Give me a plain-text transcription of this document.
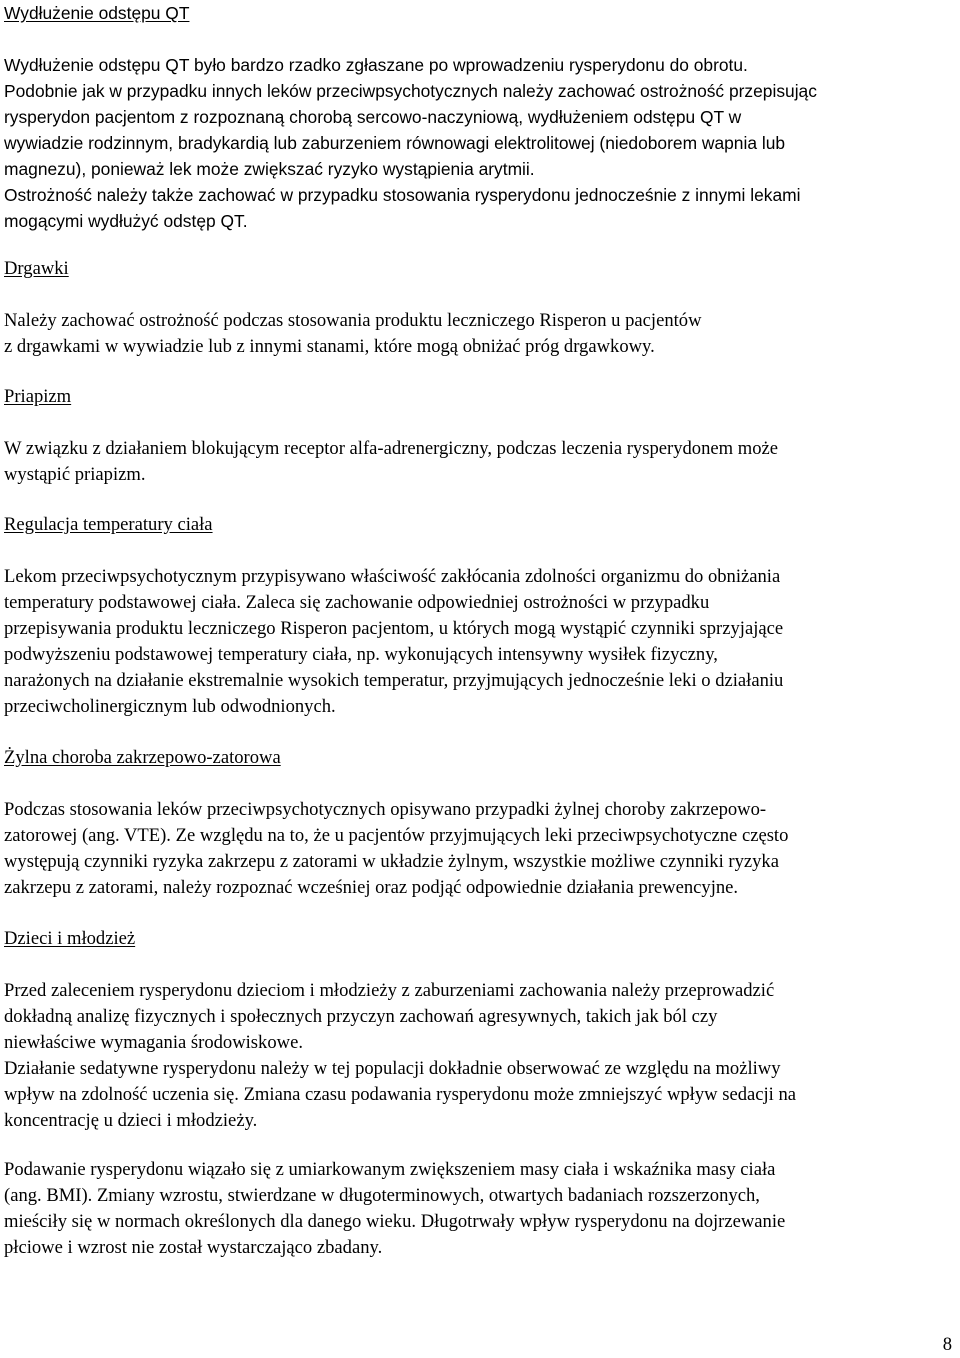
Wydłużenie odstępu QT

Wydłużenie odstępu QT było bardzo rzadko zgłaszane po wprowadzeniu rysperydonu do obrotu.
Podobnie jak w przypadku innych leków przeciwpsychotycznych należy zachować ostrożność przepisując
rysperydon pacjentom z rozpoznaną chorobą sercowo-naczyniową, wydłużeniem odstępu QT w
wywiadzie rodzinnym, bradykardią lub zaburzeniem równowagi elektrolitowej (niedoborem wapnia lub
magnezu), ponieważ lek może zwiększać ryzyko wystąpienia arytmii.
Ostrożność należy także zachować w przypadku stosowania rysperydonu jednocześnie z innymi lekami
mogącymi wydłużyć odstęp QT.

Drgawki

Należy zachować ostrożność podczas stosowania produktu leczniczego Risperon u pacjentów
z drgawkami w wywiadzie lub z innymi stanami, które mogą obniżać próg drgawkowy.

Priapizm

W związku z działaniem blokującym receptor alfa-adrenergiczny, podczas leczenia rysperydonem może
wystąpić priapizm.

Regulacja temperatury ciała

Lekom przeciwpsychotycznym przypisywano właściwość zakłócania zdolności organizmu do obniżania
temperatury podstawowej ciała. Zaleca się zachowanie odpowiedniej ostrożności w przypadku
przepisywania produktu leczniczego Risperon pacjentom, u których mogą wystąpić czynniki sprzyjające
podwyższeniu podstawowej temperatury ciała, np. wykonujących intensywny wysiłek fizyczny,
narażonych na działanie ekstremalnie wysokich temperatur, przyjmujących jednocześnie leki o działaniu
przeciwcholinergicznym lub odwodnionych.

Żylna choroba zakrzepowo-zatorowa

Podczas stosowania leków przeciwpsychotycznych opisywano przypadki żylnej choroby zakrzepowo-
zatorowej (ang. VTE). Ze względu na to, że u pacjentów przyjmujących leki przeciwpsychotyczne często
występują czynniki ryzyka zakrzepu z zatorami w układzie żylnym, wszystkie możliwe czynniki ryzyka
zakrzepu z zatorami, należy rozpoznać wcześniej oraz podjąć odpowiednie działania prewencyjne.

Dzieci i młodzież

Przed zaleceniem rysperydonu dzieciom i młodzieży z zaburzeniami zachowania należy przeprowadzić
dokładną analizę fizycznych i społecznych przyczyn zachowań agresywnych, takich jak ból czy
niewłaściwe wymagania środowiskowe.
Działanie sedatywne rysperydonu należy w tej populacji dokładnie obserwować ze względu na możliwy
wpływ na zdolność uczenia się. Zmiana czasu podawania rysperydonu może zmniejszyć wpływ sedacji na
koncentrację u dzieci i młodzieży.

Podawanie rysperydonu wiązało się z umiarkowanym zwiększeniem masy ciała i wskaźnika masy ciała
(ang. BMI). Zmiany wzrostu, stwierdzane w długoterminowych, otwartych badaniach rozszerzonych,
mieściły się w normach określonych dla danego wieku. Długotrwały wpływ rysperydonu na dojrzewanie
płciowe i wzrost nie został wystarczająco zbadany.

8
